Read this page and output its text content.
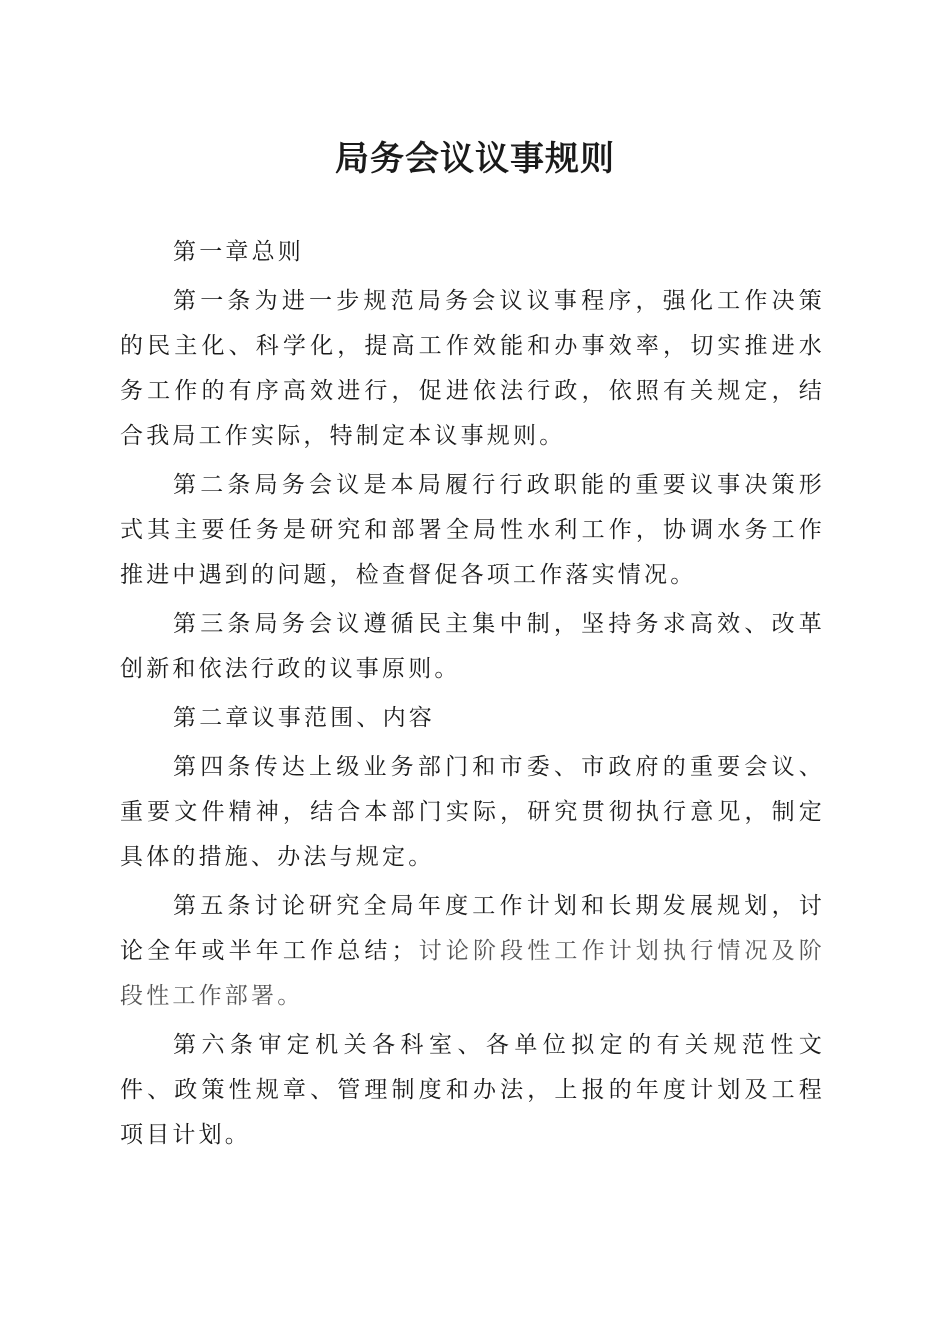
局务会议议事规则

第一章总则

第一条为进一步规范局务会议议事程序，强化工作决策的民主化、科学化，提高工作效能和办事效率，切实推进水务工作的有序高效进行，促进依法行政，依照有关规定，结合我局工作实际，特制定本议事规则。

第二条局务会议是本局履行行政职能的重要议事决策形式其主要任务是研究和部署全局性水利工作，协调水务工作推进中遇到的问题，检查督促各项工作落实情况。

第三条局务会议遵循民主集中制，坚持务求高效、改革创新和依法行政的议事原则。

第二章议事范围、内容

第四条传达上级业务部门和市委、市政府的重要会议、重要文件精神，结合本部门实际，研究贯彻执行意见，制定具体的措施、办法与规定。

第五条讨论研究全局年度工作计划和长期发展规划，讨论全年或半年工作总结；讨论阶段性工作计划执行情况及阶段性工作部署。

第六条审定机关各科室、各单位拟定的有关规范性文件、政策性规章、管理制度和办法，上报的年度计划及工程项目计划。
